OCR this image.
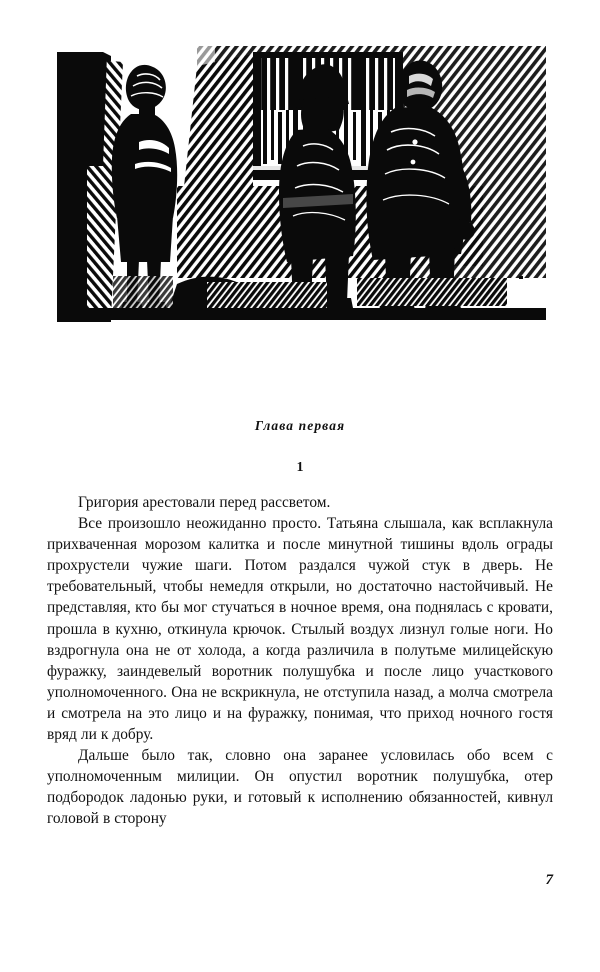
Глава первая
1

Григория арестовали перед рассветом.

Все произошло неожиданно просто. Татьяна слышала, как всплакнула прихваченная морозом калитка и после минутной тишины вдоль ограды прохрустели чужие шаги. Потом раздался чужой стук в дверь. Не требовательный, чтобы немедля открыли, но достаточно настойчивый. Не представляя, кто бы мог стучаться в ночное время, она поднялась с кровати, прошла в кухню, откинула крючок. Стылый воздух лизнул голые ноги. Но вздрогнула она не от холода, а когда различила в полутьме милицейскую фуражку, заиндевелый воротник полушубка и после лицо участкового уполномоченного. Она не вскрикнула, не отступила назад, а молча смотрела и смотрела на это лицо и на фуражку, понимая, что приход ночного гостя вряд ли к добру.

Дальше было так, словно она заранее условилась обо всем с уполномоченным милиции. Он опустил воротник полушубка, отер подбородок ладонью руки, и готовый к исполнению обязанностей, кивнул головой в сторону

7
